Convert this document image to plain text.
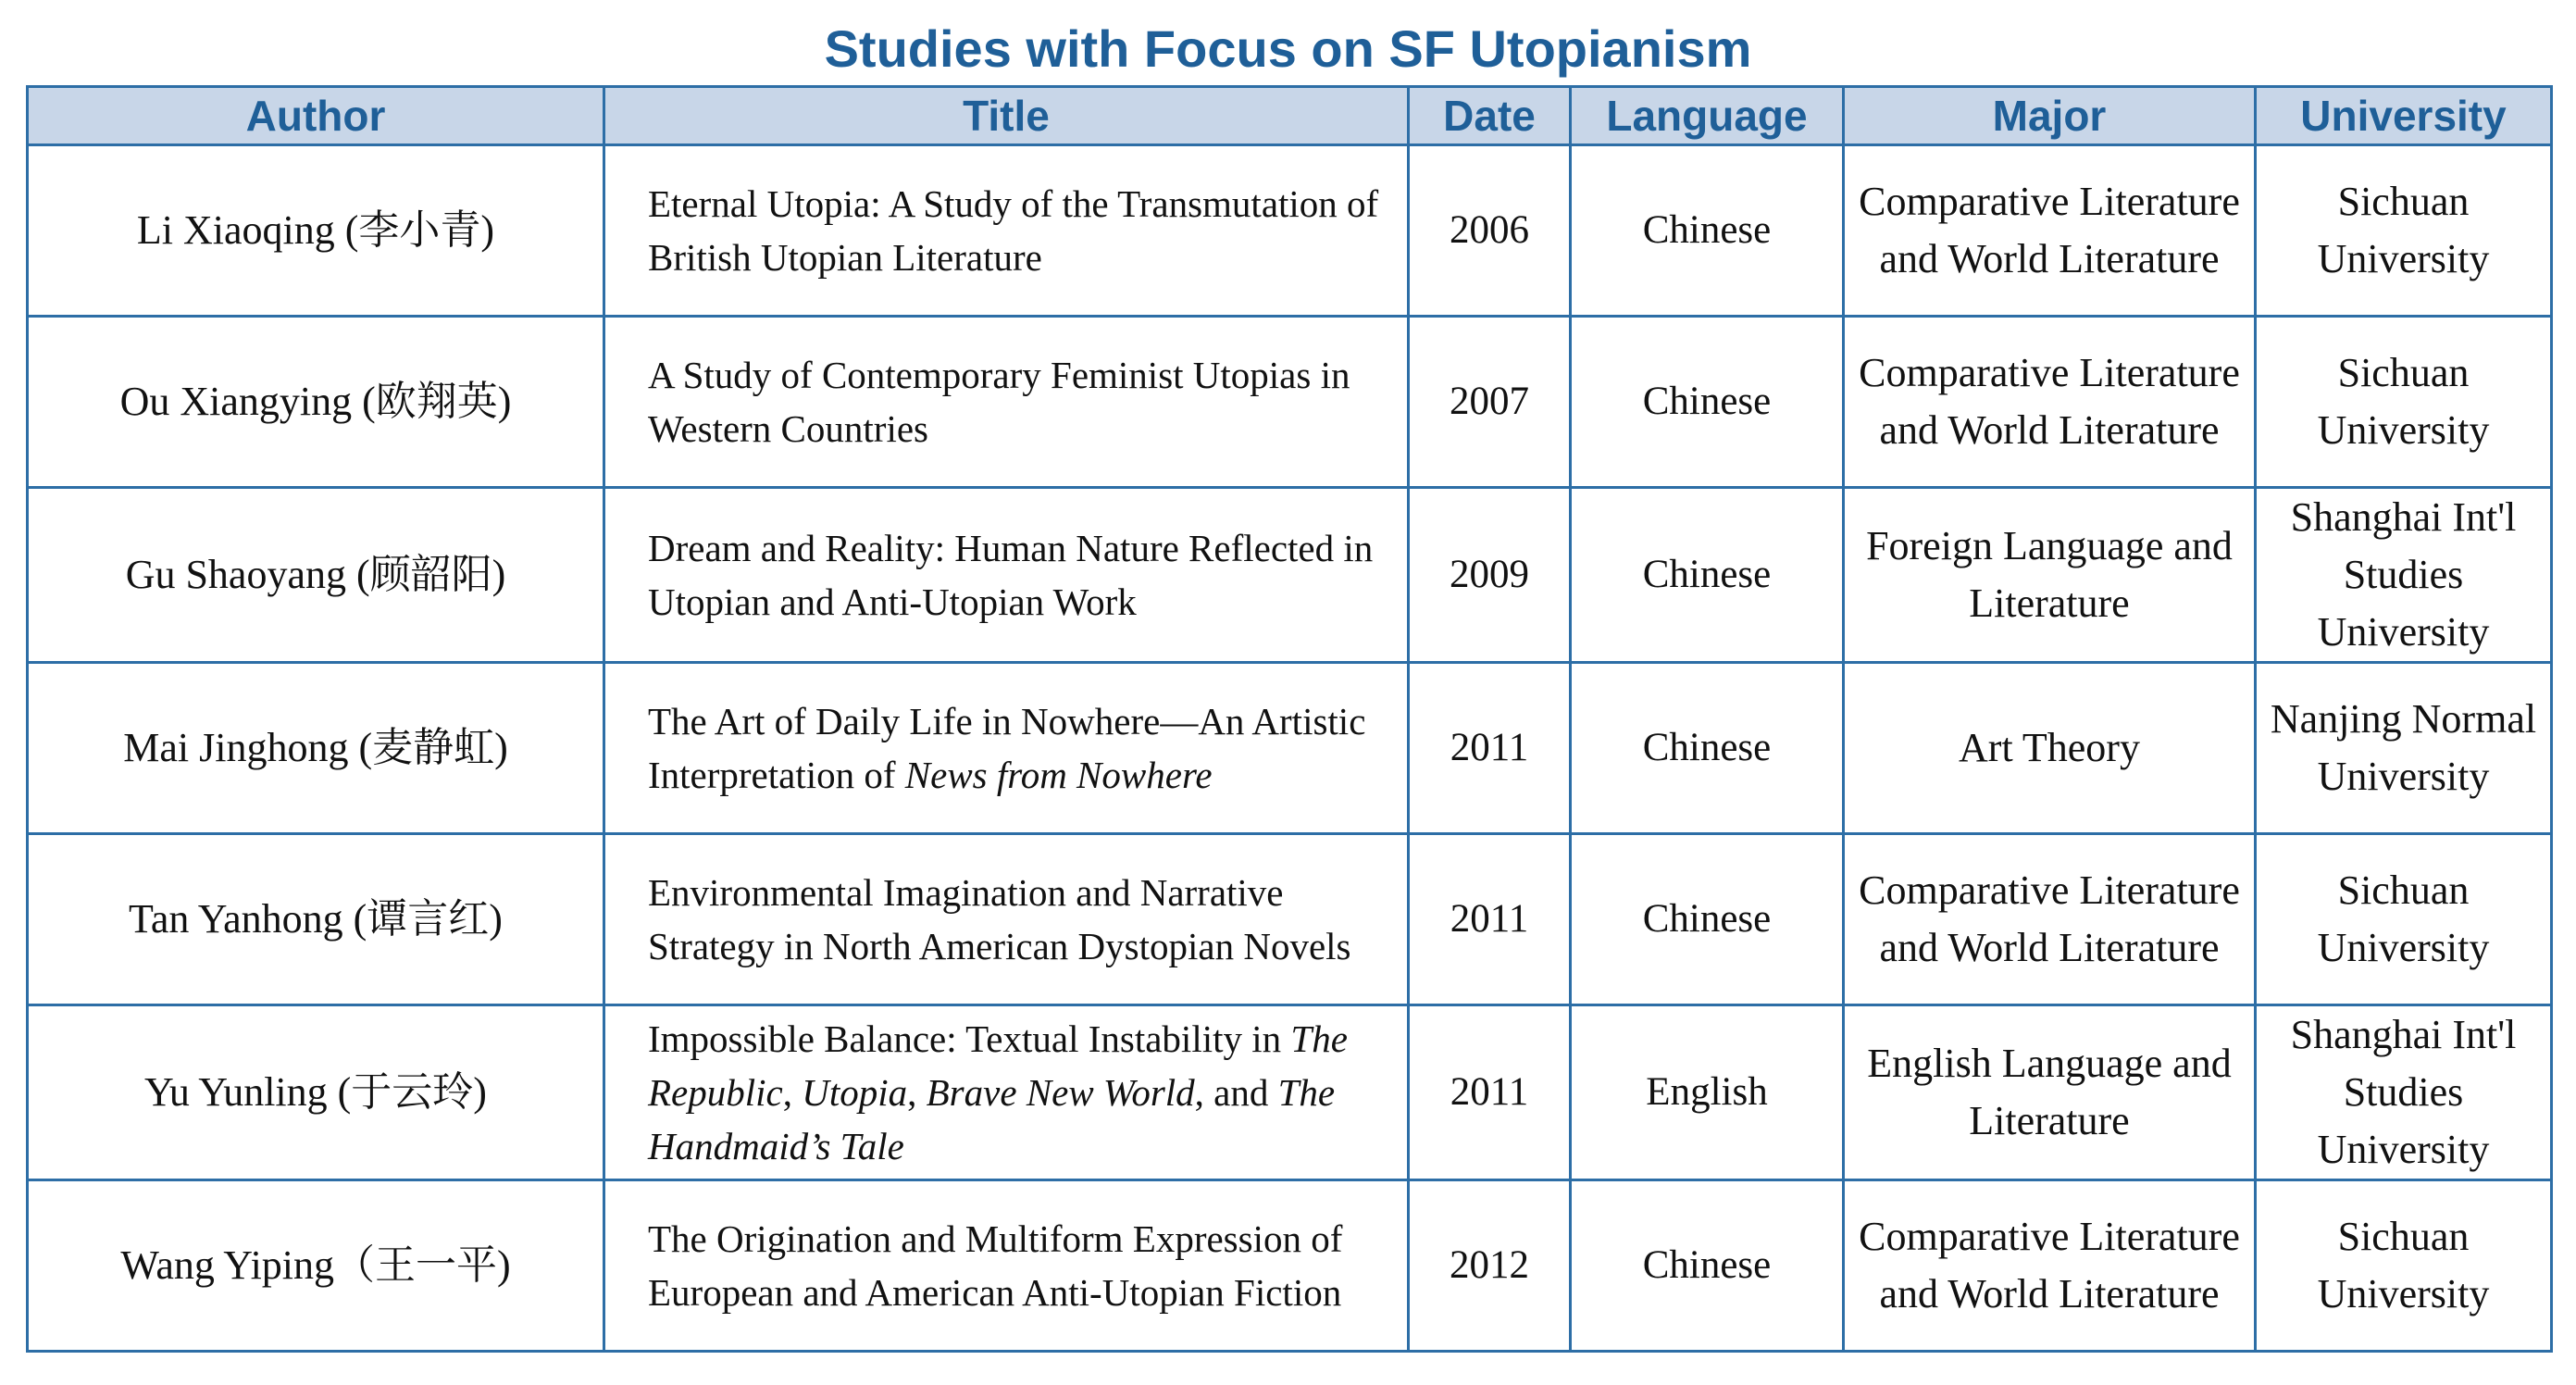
Studies with Focus on SF Utopianism
Author	Title	Date	Language	Major	University
Li Xiaoqing (李小青)	Eternal Utopia: A Study of the Transmutation of British Utopian Literature	2006	Chinese	Comparative Literature and World Literature	Sichuan University
Ou Xiangying (欧翔英)	A Study of Contemporary Feminist Utopias in Western Countries	2007	Chinese	Comparative Literature and World Literature	Sichuan University
Gu Shaoyang (顾韶阳)	Dream and Reality: Human Nature Reflected in Utopian and Anti-Utopian Work	2009	Chinese	Foreign Language and Literature	Shanghai Int'l Studies University
Mai Jinghong (麦静虹)	The Art of Daily Life in Nowhere—An Artistic Interpretation of News from Nowhere	2011	Chinese	Art Theory	Nanjing Normal University
Tan Yanhong (谭言红)	Environmental Imagination and Narrative Strategy in North American Dystopian Novels	2011	Chinese	Comparative Literature and World Literature	Sichuan University
Yu Yunling (于云玲)	Impossible Balance: Textual Instability in The Republic, Utopia, Brave New World, and The Handmaid’s Tale	2011	English	English Language and Literature	Shanghai Int'l Studies University
Wang Yiping（王一平)	The Origination and Multiform Expression of European and American Anti-Utopian Fiction	2012	Chinese	Comparative Literature and World Literature	Sichuan University
